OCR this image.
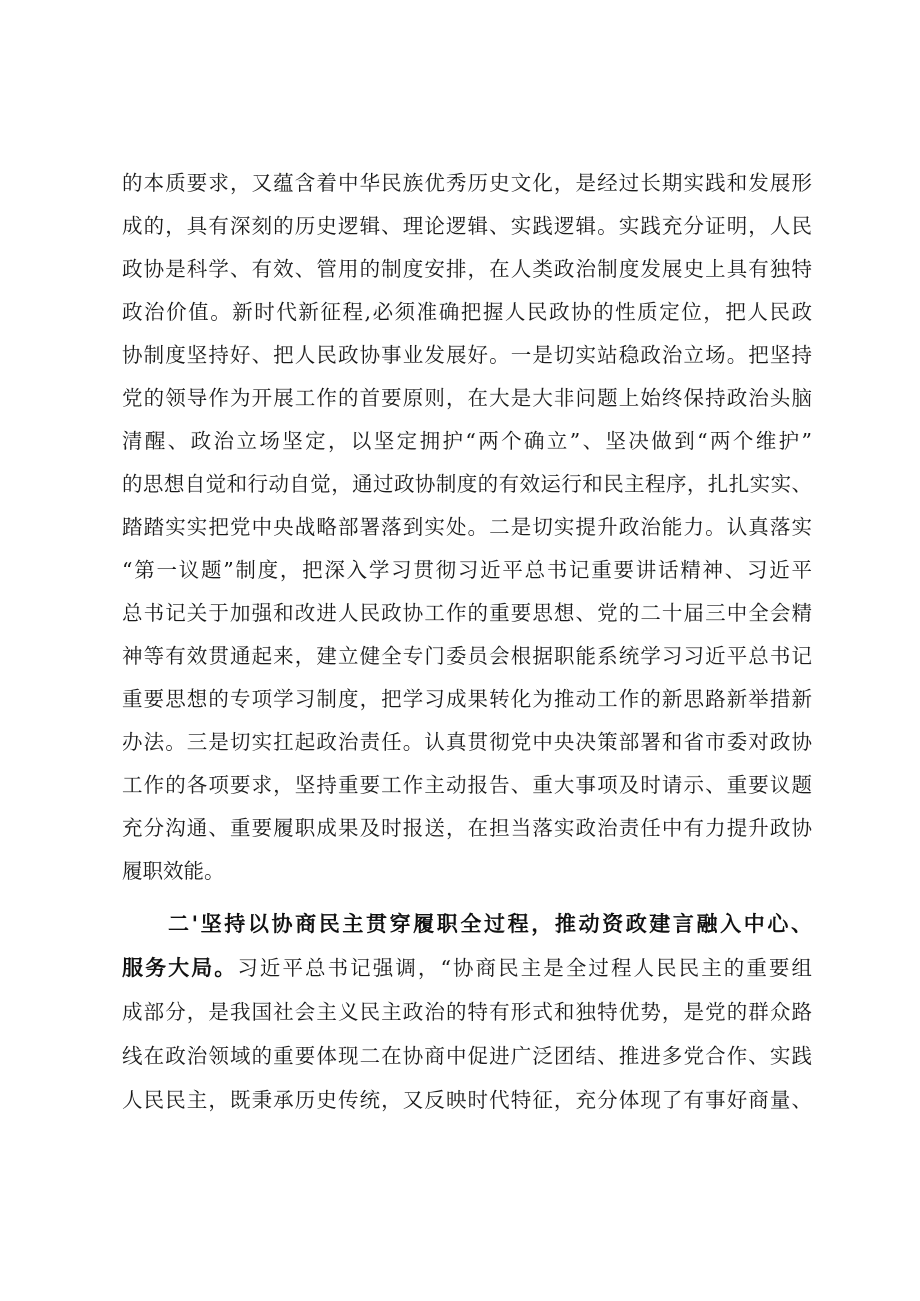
的本质要求，又蕴含着中华民族优秀历史文化，是经过长期实践和发展形
成的，具有深刻的历史逻辑、理论逻辑、实践逻辑。实践充分证明，人民
政协是科学、有效、管用的制度安排，在人类政治制度发展史上具有独特
政治价值。新时代新征程,必须准确把握人民政协的性质定位，把人民政
协制度坚持好、把人民政协事业发展好。一是切实站稳政治立场。把坚持
党的领导作为开展工作的首要原则，在大是大非问题上始终保持政治头脑
清醒、政治立场坚定，以坚定拥护“两个确立”、坚决做到“两个维护”
的思想自觉和行动自觉，通过政协制度的有效运行和民主程序，扎扎实实、
踏踏实实把党中央战略部署落到实处。二是切实提升政治能力。认真落实
“第一议题”制度，把深入学习贯彻习近平总书记重要讲话精神、习近平
总书记关于加强和改进人民政协工作的重要思想、党的二十届三中全会精
神等有效贯通起来，建立健全专门委员会根据职能系统学习习近平总书记
重要思想的专项学习制度，把学习成果转化为推动工作的新思路新举措新
办法。三是切实扛起政治责任。认真贯彻党中央决策部署和省市委对政协
工作的各项要求，坚持重要工作主动报告、重大事项及时请示、重要议题
充分沟通、重要履职成果及时报送，在担当落实政治责任中有力提升政协
履职效能。
二'坚持以协商民主贯穿履职全过程，推动资政建言融入中心、
服务大局。习近平总书记强调，“协商民主是全过程人民民主的重要组
成部分，是我国社会主义民主政治的特有形式和独特优势，是党的群众路
线在政治领域的重要体现二在协商中促进广泛团结、推进多党合作、实践
人民民主，既秉承历史传统，又反映时代特征，充分体现了有事好商量、
